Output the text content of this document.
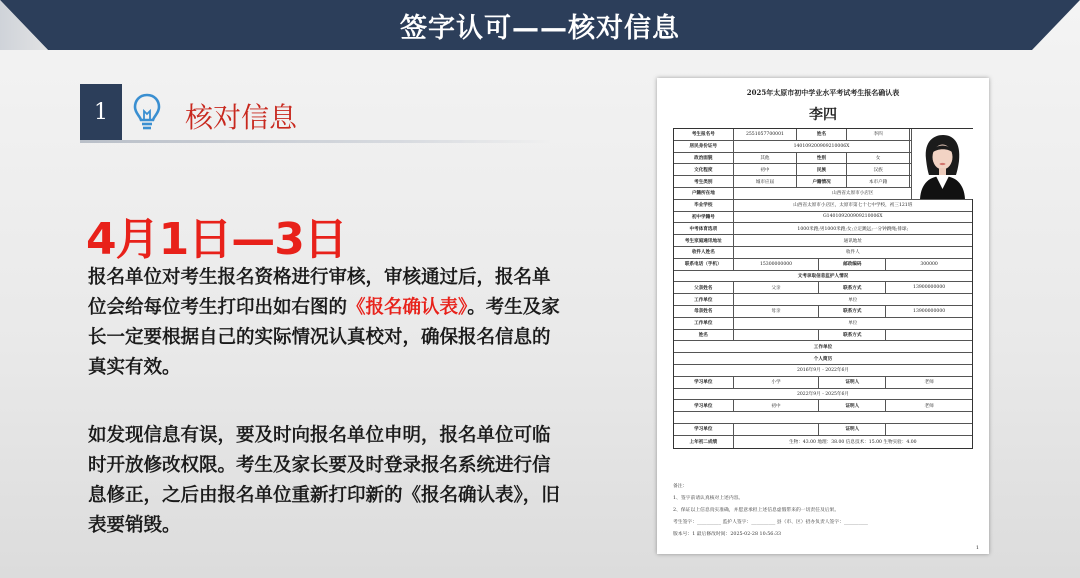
签字认可——核对信息
1	核对信息
4月1日—3日
报名单位对考生报名资格进行审核，审核通过后，报名单位会给每位考生打印出如右图的《报名确认表》。考生及家长一定要根据自己的实际情况认真校对，确保报名信息的真实有效。
如发现信息有误，要及时向报名单位申明，报名单位可临时开放修改权限。考生及家长要及时登录报名系统进行信息修正，之后由报名单位重新打印新的《报名确认表》，旧表要销毁。
2025年太原市初中学业水平考试考生报名确认表
李四
考生报名号	2551057700001	姓名	李四
居民身份证号	140109200909210006X
政治面貌	其他	性别	女
文化程度	初中	民族	汉族
考生类别	城市应届	户籍情况	本市户籍
户籍所在地	山西省太原市小店区
毕业学校	山西省太原市小店区，太原市第七十七中学校，初三121班
初中学籍号	G140109200909210006X
中考体育选项	1000米跑;男1000米跑;女;立定跳远;一分钟跳绳;排球;
考生家庭通讯地址	通讯地址
收件人姓名	收件人
联系电话（手机）	15300000000	邮政编码	300000
文考录取信息监护人情况
父亲姓名	父亲	联系方式	13900000000
工作单位	单位
母亲姓名	母亲	联系方式	13900000000
工作单位	单位
姓名	联系方式
工作单位
个人简历
2016年9月 - 2022年6月
学习单位	小学	证明人	老师
2022年9月 - 2025年6月
学习单位	初中	证明人	老师
学习单位	证明人
上年初二成绩	生物：43.00 地理：38.00 信息技术：15.00 生物实验：4.00
备注：
1、签字前请认真核对上述内容。
2、保证以上信息真实准确，并愿意承担上述信息虚假带来的一切责任及后果。
考生签字：__________ 监护人签字：__________ 县（市、区）招办负责人签字：__________
版本号：1 最后修改时间：2025-02-28 10:56:33
1
